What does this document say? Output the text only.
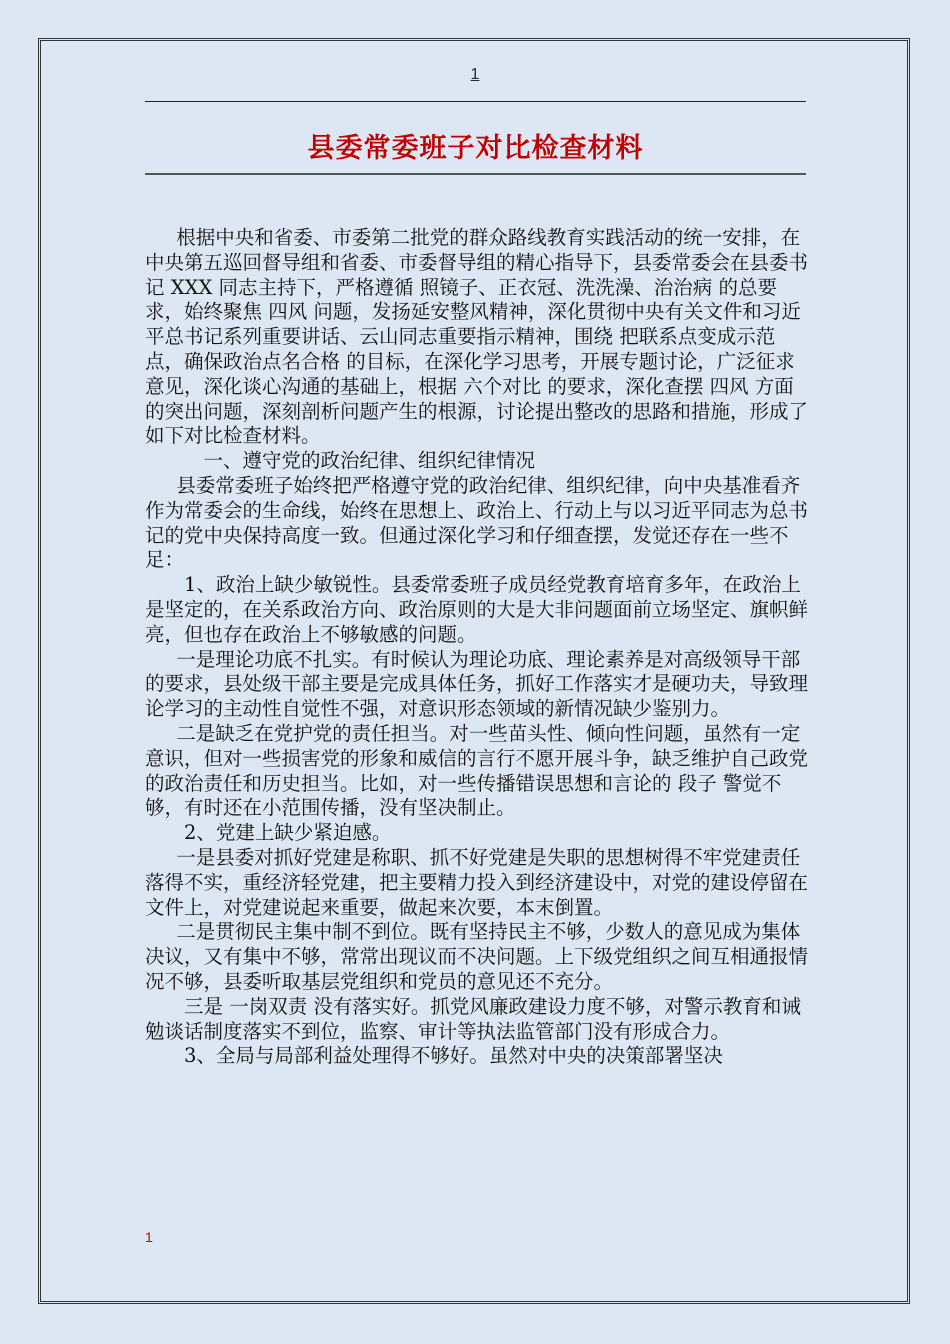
1
县委常委班子对比检查材料

根据中央和省委、市委第二批党的群众路线教育实践活动的统一安排，在中央第五巡回督导组和省委、市委督导组的精心指导下，县委常委会在县委书记 XXX 同志主持下，严格遵循 照镜子、正衣冠、洗洗澡、治治病 的总要求，始终聚焦 四风 问题，发扬延安整风精神，深化贯彻中央有关文件和习近平总书记系列重要讲话、云山同志重要指示精神，围绕 把联系点变成示范点，确保政治点名合格 的目标，在深化学习思考，开展专题讨论，广泛征求意见，深化谈心沟通的基础上，根据 六个对比 的要求，深化查摆 四风 方面的突出问题，深刻剖析问题产生的根源，讨论提出整改的思路和措施，形成了如下对比检查材料。

一、遵守党的政治纪律、组织纪律情况

县委常委班子始终把严格遵守党的政治纪律、组织纪律，向中央基准看齐作为常委会的生命线，始终在思想上、政治上、行动上与以习近平同志为总书记的党中央保持高度一致。但通过深化学习和仔细查摆，发觉还存在一些不足：

1、政治上缺少敏锐性。县委常委班子成员经党教育培育多年，在政治上是坚定的，在关系政治方向、政治原则的大是大非问题面前立场坚定、旗帜鲜亮，但也存在政治上不够敏感的问题。

一是理论功底不扎实。有时候认为理论功底、理论素养是对高级领导干部的要求，县处级干部主要是完成具体任务，抓好工作落实才是硬功夫，导致理论学习的主动性自觉性不强，对意识形态领域的新情况缺少鉴别力。

二是缺乏在党护党的责任担当。对一些苗头性、倾向性问题，虽然有一定意识，但对一些损害党的形象和威信的言行不愿开展斗争，缺乏维护自己政党的政治责任和历史担当。比如，对一些传播错误思想和言论的 段子 警觉不够，有时还在小范围传播，没有坚决制止。

2、党建上缺少紧迫感。

一是县委对抓好党建是称职、抓不好党建是失职的思想树得不牢党建责任落得不实，重经济轻党建，把主要精力投入到经济建设中，对党的建设停留在文件上，对党建说起来重要，做起来次要，本末倒置。

二是贯彻民主集中制不到位。既有坚持民主不够，少数人的意见成为集体决议，又有集中不够，常常出现议而不决问题。上下级党组织之间互相通报情况不够，县委听取基层党组织和党员的意见还不充分。

三是 一岗双责 没有落实好。抓党风廉政建设力度不够，对警示教育和诫勉谈话制度落实不到位，监察、审计等执法监管部门没有形成合力。

3、全局与局部利益处理得不够好。虽然对中央的决策部署坚决

1
